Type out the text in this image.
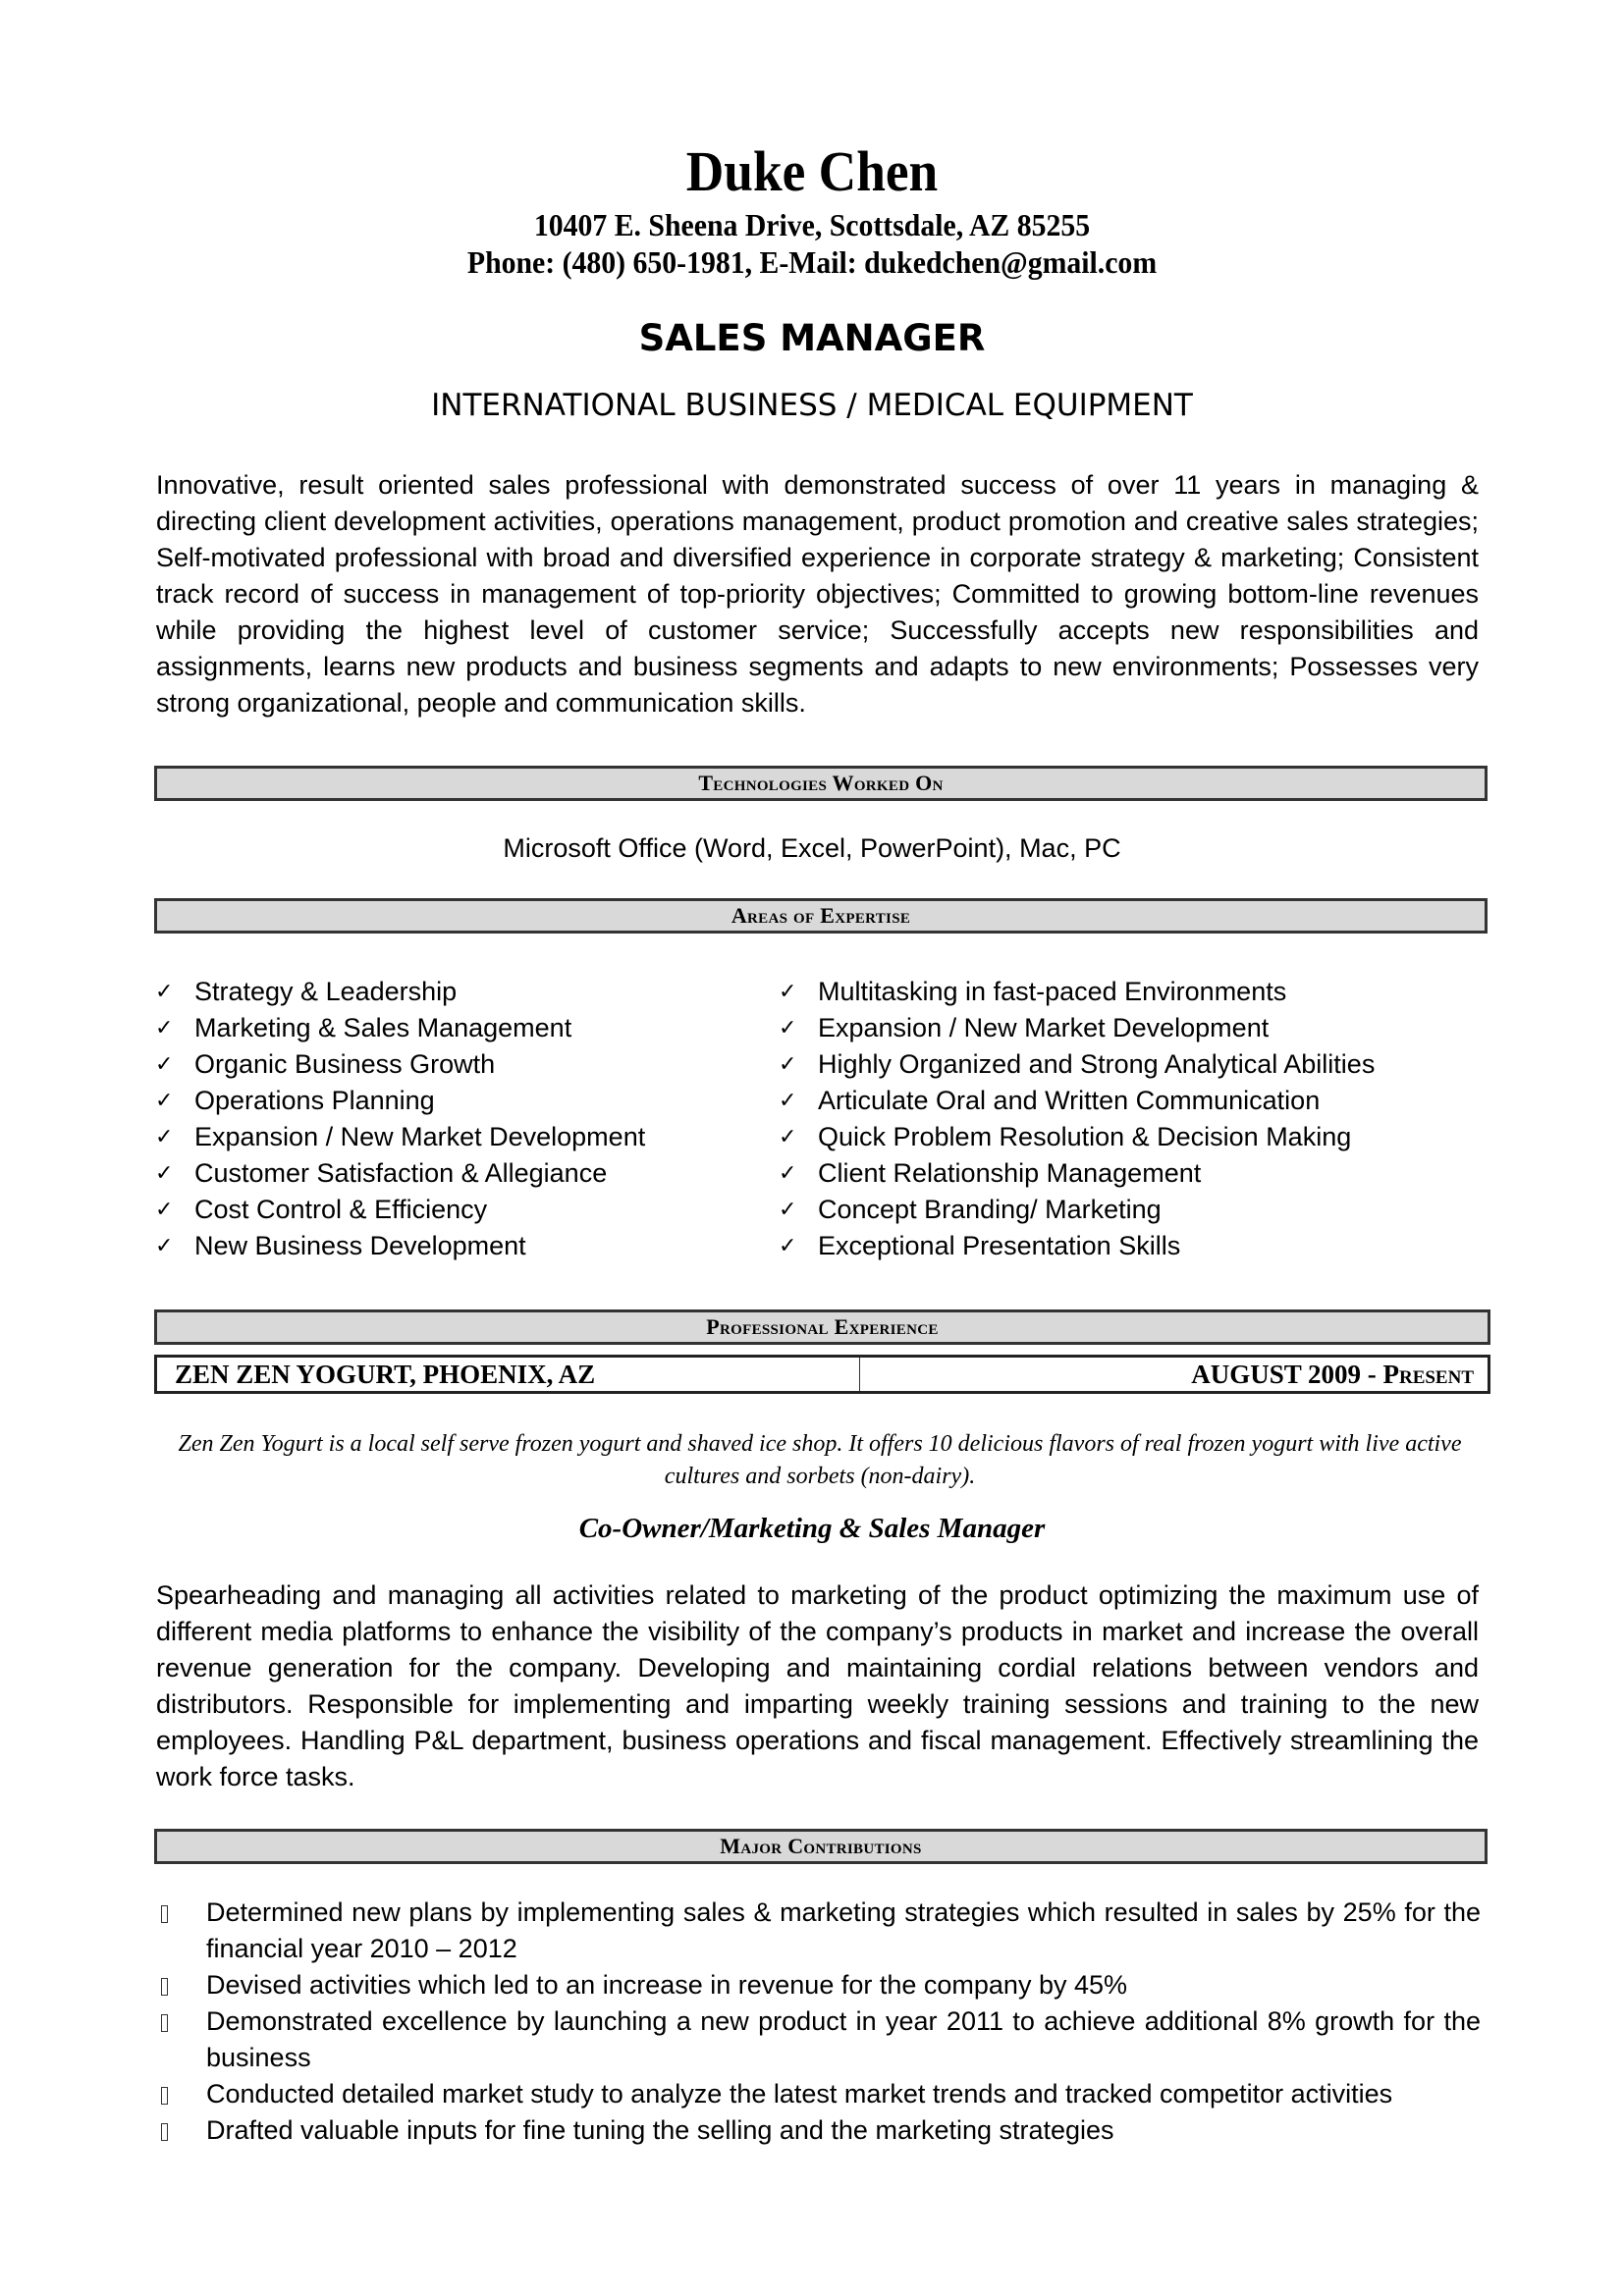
Duke Chen
10407 E. Sheena Drive, Scottsdale, AZ 85255
Phone: (480) 650-1981, E-Mail: dukedchen@gmail.com
SALES MANAGER
INTERNATIONAL BUSINESS / MEDICAL EQUIPMENT
Innovative, result oriented sales professional with demonstrated success of over 11 years in managing & directing client development activities, operations management, product promotion and creative sales strategies; Self-motivated professional with broad and diversified experience in corporate strategy & marketing; Consistent track record of success in management of top-priority objectives; Committed to growing bottom-line revenues while providing the highest level of customer service; Successfully accepts new responsibilities and assignments, learns new products and business segments and adapts to new environments; Possesses very strong organizational, people and communication skills.
Technologies Worked On
Microsoft Office (Word, Excel, PowerPoint), Mac, PC
Areas of Expertise
✓ Strategy & Leadership
✓ Marketing & Sales Management
✓ Organic Business Growth
✓ Operations Planning
✓ Expansion / New Market Development
✓ Customer Satisfaction & Allegiance
✓ Cost Control & Efficiency
✓ New Business Development
✓ Multitasking in fast-paced Environments
✓ Expansion / New Market Development
✓ Highly Organized and Strong Analytical Abilities
✓ Articulate Oral and Written Communication
✓ Quick Problem Resolution & Decision Making
✓ Client Relationship Management
✓ Concept Branding/ Marketing
✓ Exceptional Presentation Skills
Professional Experience
ZEN ZEN YOGURT, PHOENIX, AZ	AUGUST 2009 - Present
Zen Zen Yogurt is a local self serve frozen yogurt and shaved ice shop. It offers 10 delicious flavors of real frozen yogurt with live active cultures and sorbets (non-dairy).
Co-Owner/Marketing & Sales Manager
Spearheading and managing all activities related to marketing of the product optimizing the maximum use of different media platforms to enhance the visibility of the company’s products in market and increase the overall revenue generation for the company. Developing and maintaining cordial relations between vendors and distributors. Responsible for implementing and imparting weekly training sessions and training to the new employees. Handling P&L department, business operations and fiscal management. Effectively streamlining the work force tasks.
Major Contributions
Determined new plans by implementing sales & marketing strategies which resulted in sales by 25% for the financial year 2010 – 2012
Devised activities which led to an increase in revenue for the company by 45%
Demonstrated excellence by launching a new product in year 2011 to achieve additional 8% growth for the business
Conducted detailed market study to analyze the latest market trends and tracked competitor activities
Drafted valuable inputs for fine tuning the selling and the marketing strategies
